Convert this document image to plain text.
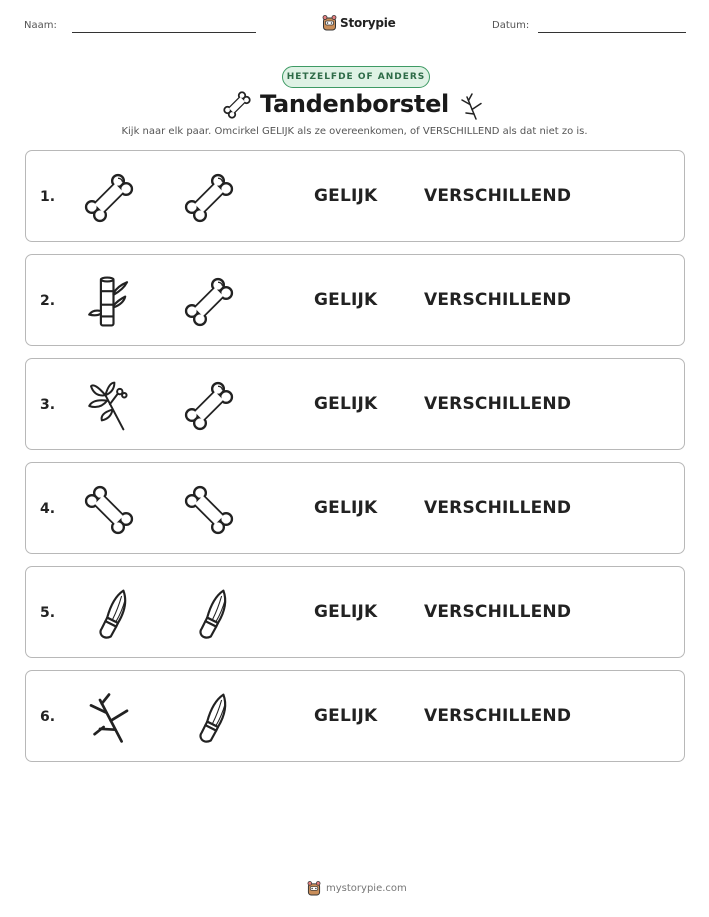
Naam:	Storypie	Datum:
HETZELFDE OF ANDERS
Tandenborstel
Kijk naar elk paar. Omcirkel GELIJK als ze overeenkomen, of VERSCHILLEND als dat niet zo is.
1.	GELIJK	VERSCHILLEND
2.	GELIJK	VERSCHILLEND
3.	GELIJK	VERSCHILLEND
4.	GELIJK	VERSCHILLEND
5.	GELIJK	VERSCHILLEND
6.	GELIJK	VERSCHILLEND
mystorypie.com
